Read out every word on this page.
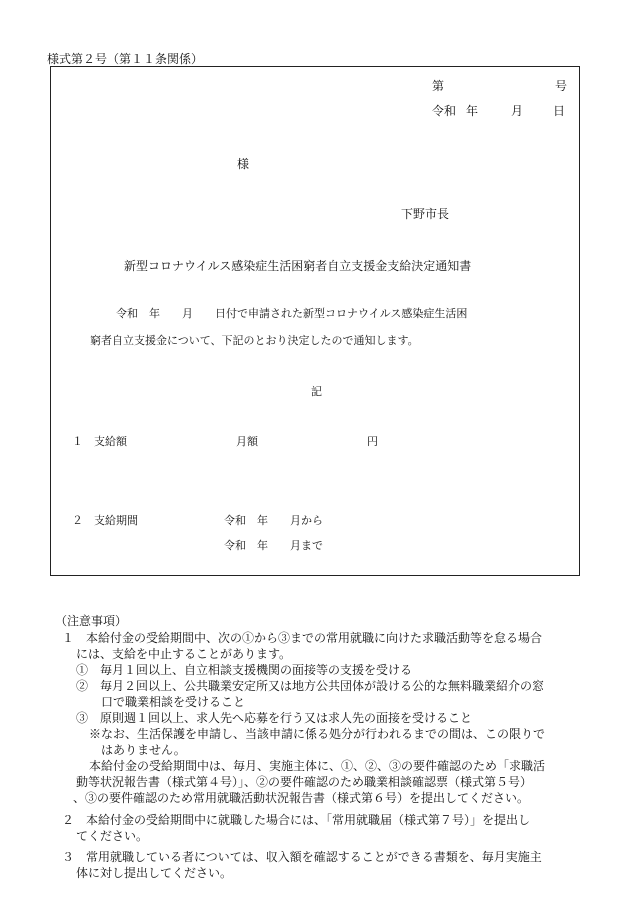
様式第２号（第１１条関係）
第	号
令和 年	月 日
様
下野市長
新型コロナウイルス感染症生活困窮者自立支援金支給決定通知書
令和　年　　月　　日付で申請された新型コロナウイルス感染症生活困
窮者自立支援金について、下記のとおり決定したので通知します。
記
１ 支給額	月額	円
２ 支給期間	令和　年　　月から
令和　年　　月まで
（注意事項）
１　本給付金の受給期間中、次の①から③までの常用就職に向けた求職活動等を怠る場合
には、支給を中止することがあります。
①　毎月１回以上、自立相談支援機関の面接等の支援を受ける
②　毎月２回以上、公共職業安定所又は地方公共団体が設ける公的な無料職業紹介の窓
口で職業相談を受けること
③　原則週１回以上、求人先へ応募を行う又は求人先の面接を受けること
※なお、生活保護を申請し、当該申請に係る処分が行われるまでの間は、この限りで
はありません。
本給付金の受給期間中は、毎月、実施主体に、①、②、③の要件確認のため「求職活
動等状況報告書（様式第４号）」、②の要件確認のため職業相談確認票（様式第５号）
、③の要件確認のため常用就職活動状況報告書（様式第６号）を提出してください。
２　本給付金の受給期間中に就職した場合には、「常用就職届（様式第７号）」を提出し
てください。
３　常用就職している者については、収入額を確認することができる書類を、毎月実施主
体に対し提出してください。
